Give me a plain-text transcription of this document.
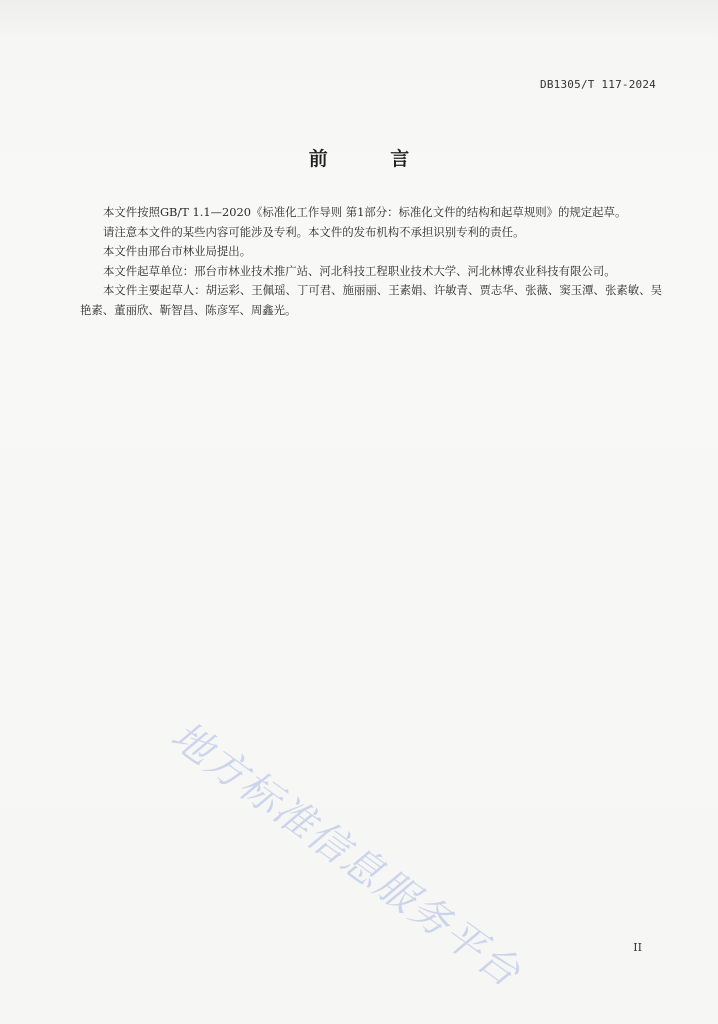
DB1305/T 117-2024
前 言

本文件按照GB/T 1.1—2020《标准化工作导则 第1部分：标准化文件的结构和起草规则》的规定起草。

请注意本文件的某些内容可能涉及专利。本文件的发布机构不承担识别专利的责任。

本文件由邢台市林业局提出。

本文件起草单位：邢台市林业技术推广站、河北科技工程职业技术大学、河北林博农业科技有限公司。

本文件主要起草人：胡运彩、王佩瑶、丁可君、施丽丽、王素娟、许敏青、贾志华、张薇、窦玉潭、张素敏、吴艳素、董丽欣、靳智昌、陈彦军、周鑫光。

地方标准信息服务平台	II
